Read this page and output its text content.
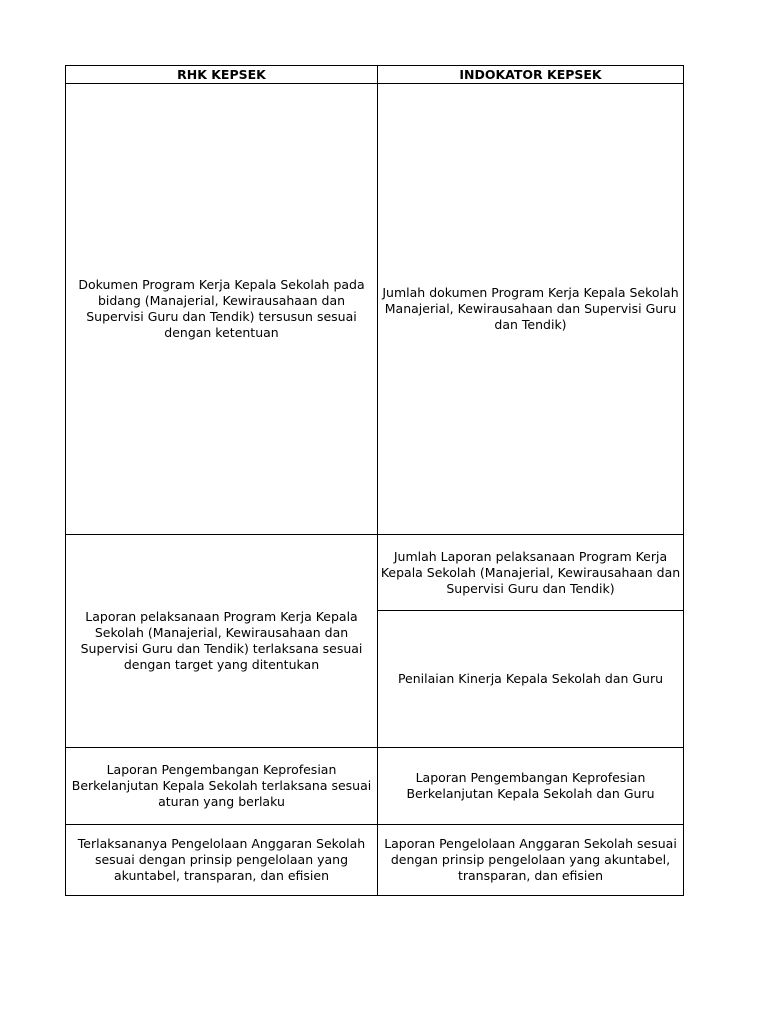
RHK KEPSEK	INDOKATOR KEPSEK
Dokumen Program Kerja Kepala Sekolah pada bidang (Manajerial, Kewirausahaan dan Supervisi Guru dan Tendik) tersusun sesuai dengan ketentuan	Jumlah dokumen Program Kerja Kepala Sekolah Manajerial, Kewirausahaan dan Supervisi Guru dan Tendik)
Laporan pelaksanaan Program Kerja Kepala Sekolah (Manajerial, Kewirausahaan dan Supervisi Guru dan Tendik) terlaksana sesuai dengan target yang ditentukan	Jumlah Laporan pelaksanaan Program Kerja Kepala Sekolah (Manajerial, Kewirausahaan dan Supervisi Guru dan Tendik)
	Penilaian Kinerja Kepala Sekolah dan Guru
Laporan Pengembangan Keprofesian Berkelanjutan Kepala Sekolah terlaksana sesuai aturan yang berlaku	Laporan Pengembangan Keprofesian Berkelanjutan Kepala Sekolah dan Guru
Terlaksananya Pengelolaan Anggaran Sekolah sesuai dengan prinsip pengelolaan yang akuntabel, transparan, dan efisien	Laporan Pengelolaan Anggaran Sekolah sesuai dengan prinsip pengelolaan yang akuntabel, transparan, dan efisien
